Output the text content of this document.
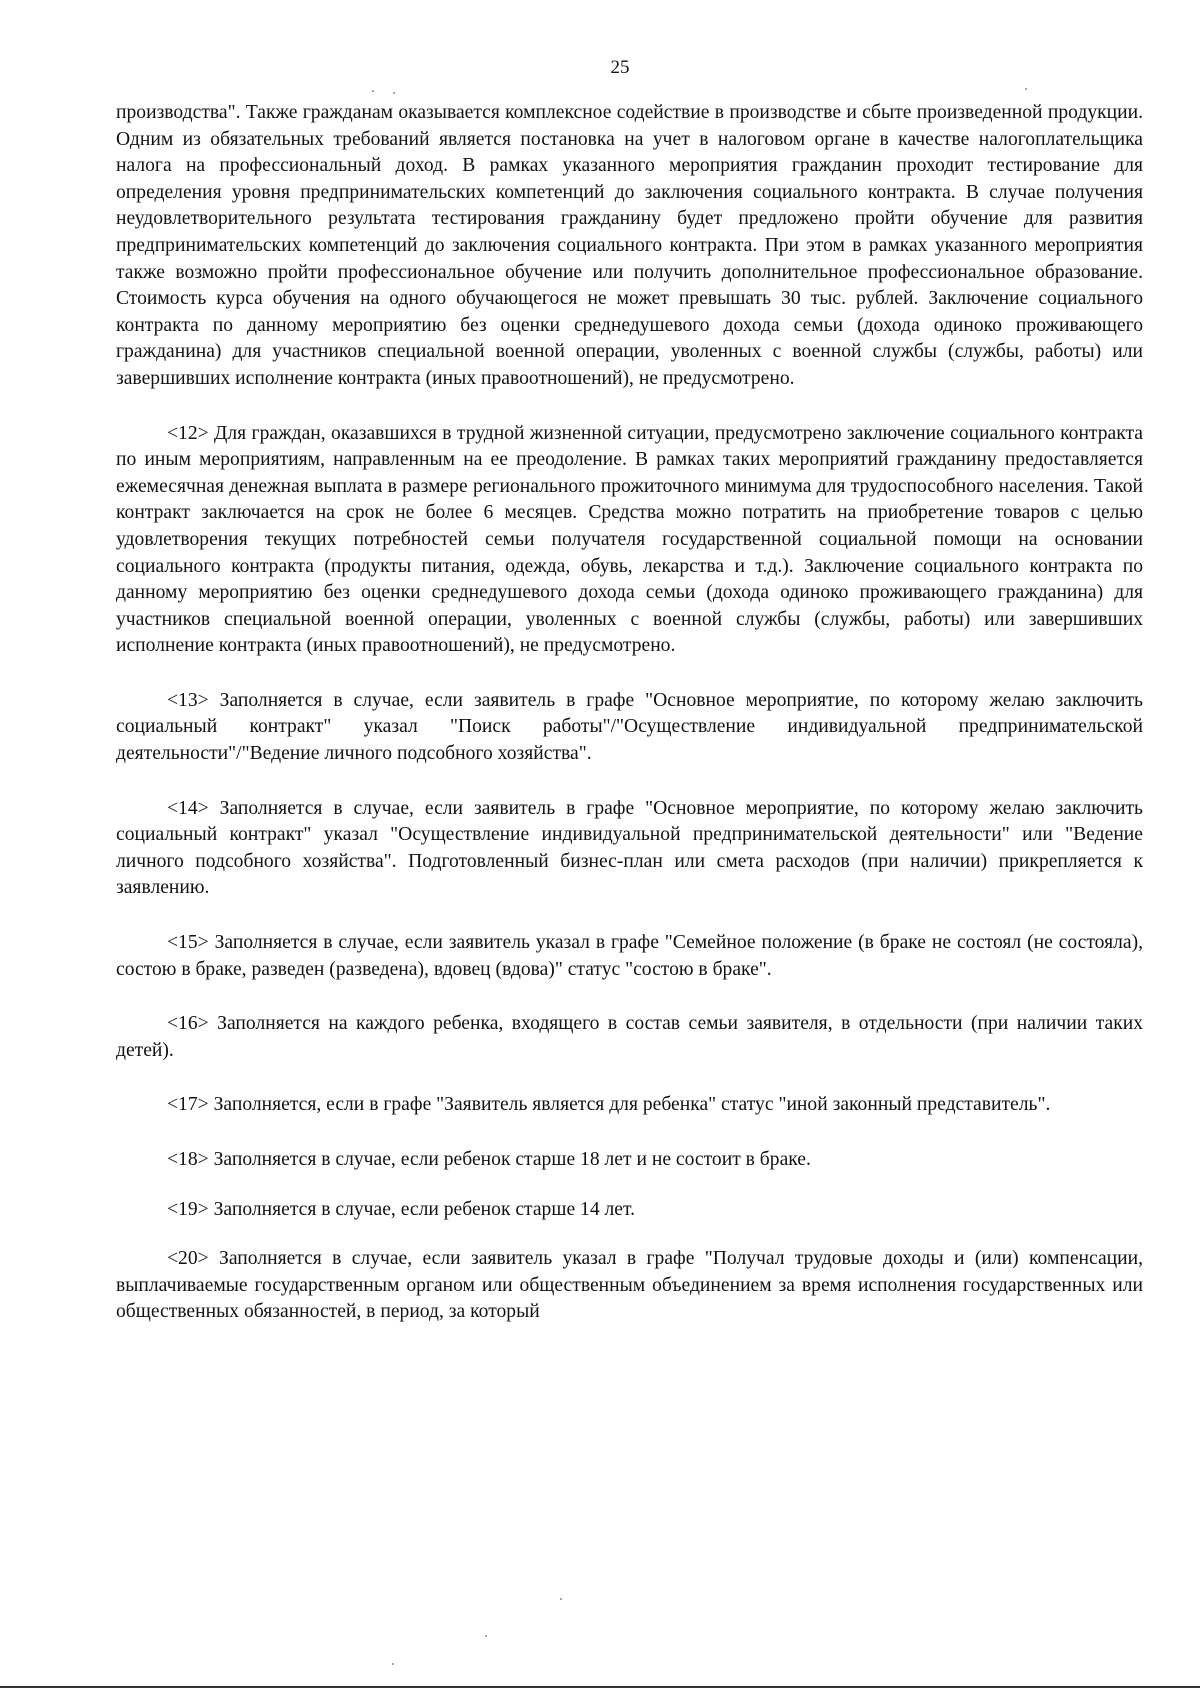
25

производства". Также гражданам оказывается комплексное содействие в производстве и сбыте произведенной продукции. Одним из обязательных требований является постановка на учет в налоговом органе в качестве налогоплательщика налога на профессиональный доход. В рамках указанного мероприятия гражданин проходит тестирование для определения уровня предпринимательских компетенций до заключения социального контракта. В случае получения неудовлетворительного результата тестирования гражданину будет предложено пройти обучение для развития предпринимательских компетенций до заключения социального контракта. При этом в рамках указанного мероприятия также возможно пройти профессиональное обучение или получить дополнительное профессиональное образование. Стоимость курса обучения на одного обучающегося не может превышать 30 тыс. рублей. Заключение социального контракта по данному мероприятию без оценки среднедушевого дохода семьи (дохода одиноко проживающего гражданина) для участников специальной военной операции, уволенных с военной службы (службы, работы) или завершивших исполнение контракта (иных правоотношений), не предусмотрено.

<12> Для граждан, оказавшихся в трудной жизненной ситуации, предусмотрено заключение социального контракта по иным мероприятиям, направленным на ее преодоление. В рамках таких мероприятий гражданину предоставляется ежемесячная денежная выплата в размере регионального прожиточного минимума для трудоспособного населения. Такой контракт заключается на срок не более 6 месяцев. Средства можно потратить на приобретение товаров с целью удовлетворения текущих потребностей семьи получателя государственной социальной помощи на основании социального контракта (продукты питания, одежда, обувь, лекарства и т.д.). Заключение социального контракта по данному мероприятию без оценки среднедушевого дохода семьи (дохода одиноко проживающего гражданина) для участников специальной военной операции, уволенных с военной службы (службы, работы) или завершивших исполнение контракта (иных правоотношений), не предусмотрено.

<13> Заполняется в случае, если заявитель в графе "Основное мероприятие, по которому желаю заключить социальный контракт" указал "Поиск работы"/"Осуществление индивидуальной предпринимательской деятельности"/"Ведение личного подсобного хозяйства".

<14> Заполняется в случае, если заявитель в графе "Основное мероприятие, по которому желаю заключить социальный контракт" указал "Осуществление индивидуальной предпринимательской деятельности" или "Ведение личного подсобного хозяйства". Подготовленный бизнес-план или смета расходов (при наличии) прикрепляется к заявлению.

<15> Заполняется в случае, если заявитель указал в графе "Семейное положение (в браке не состоял (не состояла), состою в браке, разведен (разведена), вдовец (вдова)" статус "состою в браке".

<16> Заполняется на каждого ребенка, входящего в состав семьи заявителя, в отдельности (при наличии таких детей).

<17> Заполняется, если в графе "Заявитель является для ребенка" статус "иной законный представитель".

<18> Заполняется в случае, если ребенок старше 18 лет и не состоит в браке.

<19> Заполняется в случае, если ребенок старше 14 лет.

<20> Заполняется в случае, если заявитель указал в графе "Получал трудовые доходы и (или) компенсации, выплачиваемые государственным органом или общественным объединением за время исполнения государственных или общественных обязанностей, в период, за который
